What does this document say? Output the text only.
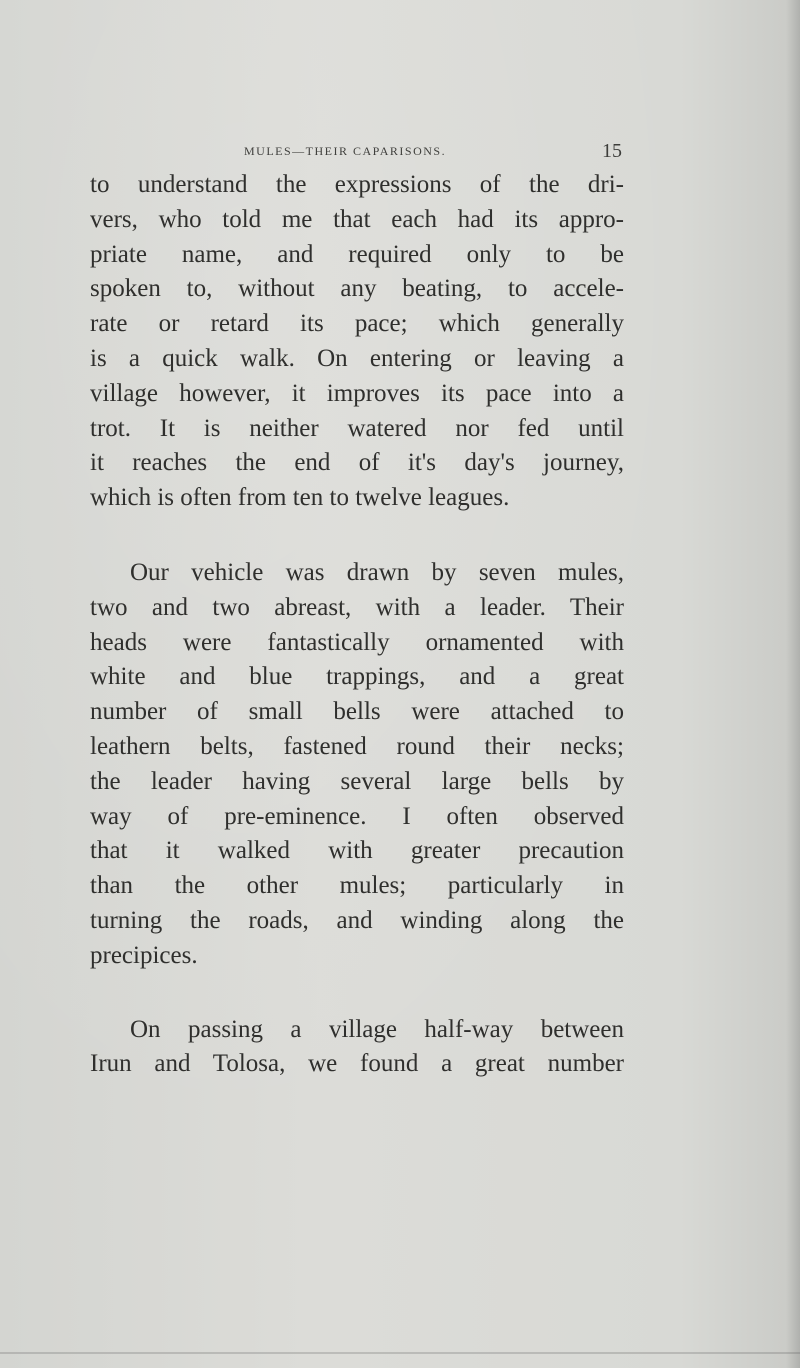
MULES—THEIR CAPARISONS.	15
to understand the expressions of the dri-
vers, who told me that each had its appro-
priate name, and required only to be
spoken to, without any beating, to accele-
rate or retard its pace; which generally
is a quick walk. On entering or leaving a
village however, it improves its pace into a
trot. It is neither watered nor fed until
it reaches the end of it's day's journey,
which is often from ten to twelve leagues.
Our vehicle was drawn by seven mules,
two and two abreast, with a leader. Their
heads were fantastically ornamented with
white and blue trappings, and a great
number of small bells were attached to
leathern belts, fastened round their necks;
the leader having several large bells by
way of pre-eminence. I often observed
that it walked with greater precaution
than the other mules; particularly in
turning the roads, and winding along the
precipices.
On passing a village half-way between
Irun and Tolosa, we found a great number
